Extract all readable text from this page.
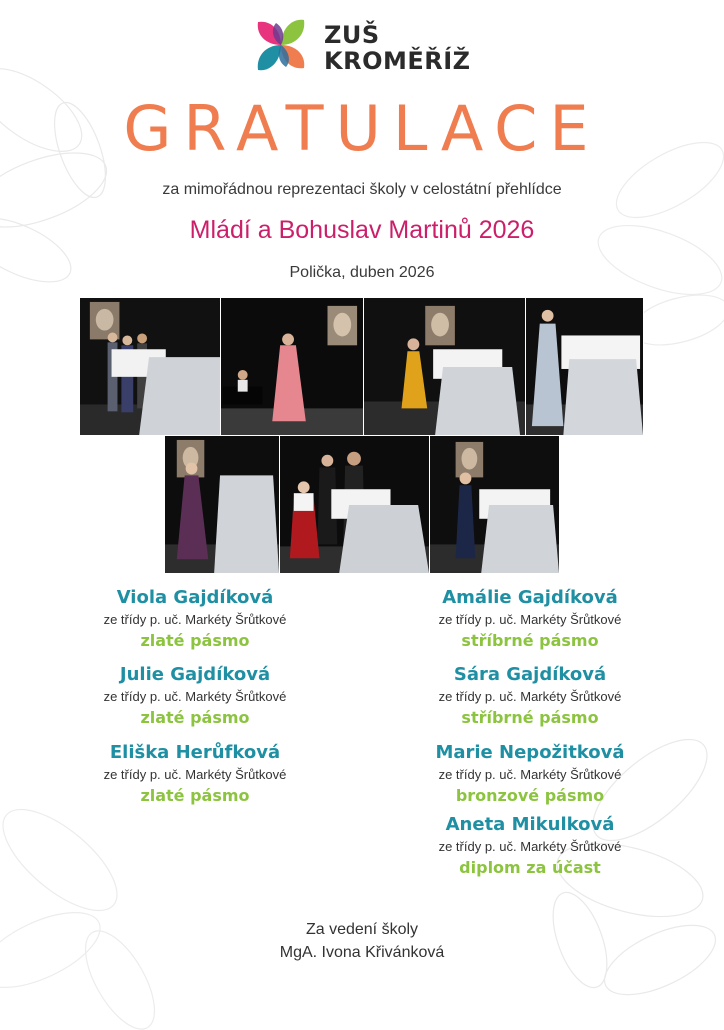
ZUŠ
KROMĚŘÍŽ
GRATULACE
za mimořádnou reprezentaci školy v celostátní přehlídce
Mládí a Bohuslav Martinů 2026
Polička, duben 2026
Viola Gajdíková
ze třídy p. uč. Markéty Šrůtkové
zlaté pásmo
Amálie Gajdíková
ze třídy p. uč. Markéty Šrůtkové
stříbrné pásmo
Julie Gajdíková
ze třídy p. uč. Markéty Šrůtkové
zlaté pásmo
Sára Gajdíková
ze třídy p. uč. Markéty Šrůtkové
stříbrné pásmo
Eliška Herůfková
ze třídy p. uč. Markéty Šrůtkové
zlaté pásmo
Marie Nepožitková
ze třídy p. uč. Markéty Šrůtkové
bronzové pásmo
Aneta Mikulková
ze třídy p. uč. Markéty Šrůtkové
diplom za účast
Za vedení školy
MgA. Ivona Křivánková
